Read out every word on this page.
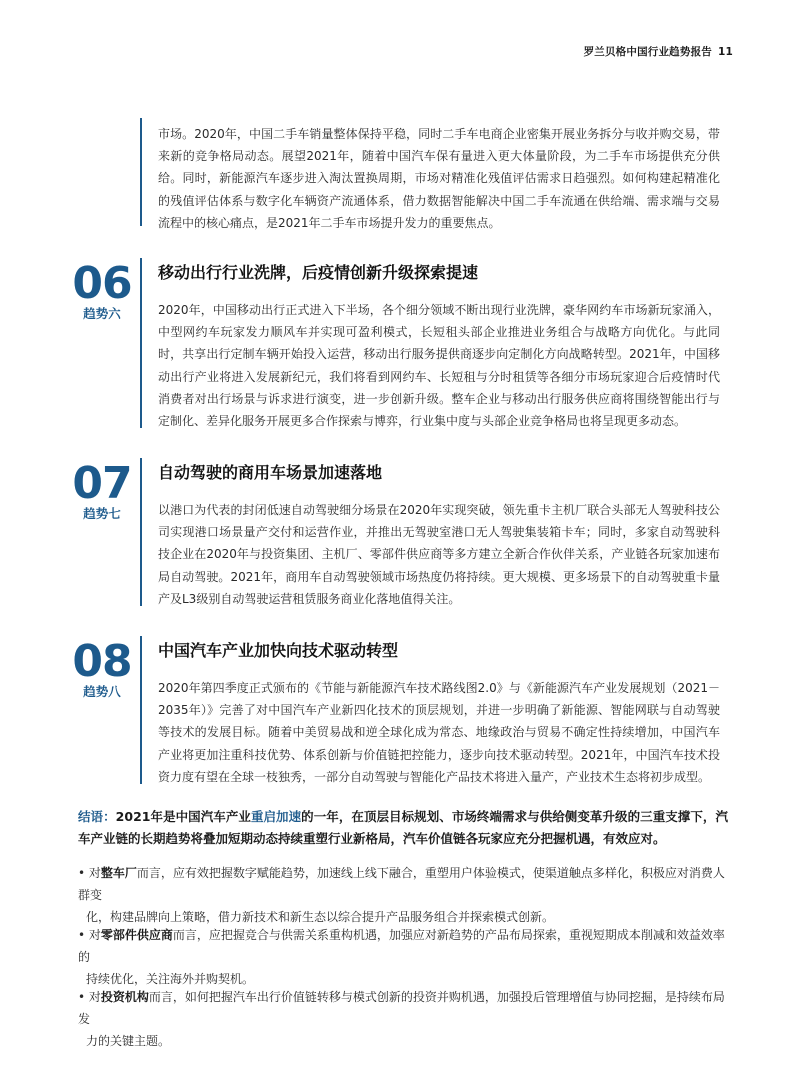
罗兰贝格中国行业趋势报告 11

市场。2020年，中国二手车销量整体保持平稳，同时二手车电商企业密集开展业务拆分与收并购交易，带来新的竞争格局动态。展望2021年，随着中国汽车保有量进入更大体量阶段，为二手车市场提供充分供给。同时，新能源汽车逐步进入淘汰置换周期，市场对精准化残值评估需求日趋强烈。如何构建起精准化的残值评估体系与数字化车辆资产流通体系，借力数据智能解决中国二手车流通在供给端、需求端与交易流程中的核心痛点，是2021年二手车市场提升发力的重要焦点。

06
趋势六
移动出行行业洗牌，后疫情创新升级探索提速

2020年，中国移动出行正式进入下半场，各个细分领域不断出现行业洗牌，豪华网约车市场新玩家涌入，中型网约车玩家发力顺风车并实现可盈利模式，长短租头部企业推进业务组合与战略方向优化。与此同时，共享出行定制车辆开始投入运营，移动出行服务提供商逐步向定制化方向战略转型。2021年，中国移动出行产业将进入发展新纪元，我们将看到网约车、长短租与分时租赁等各细分市场玩家迎合后疫情时代消费者对出行场景与诉求进行演变，进一步创新升级。整车企业与移动出行服务供应商将围绕智能出行与定制化、差异化服务开展更多合作探索与博弈，行业集中度与头部企业竞争格局也将呈现更多动态。

07
趋势七
自动驾驶的商用车场景加速落地

以港口为代表的封闭低速自动驾驶细分场景在2020年实现突破，领先重卡主机厂联合头部无人驾驶科技公司实现港口场景量产交付和运营作业，并推出无驾驶室港口无人驾驶集装箱卡车；同时，多家自动驾驶科技企业在2020年与投资集团、主机厂、零部件供应商等多方建立全新合作伙伴关系，产业链各玩家加速布局自动驾驶。2021年，商用车自动驾驶领域市场热度仍将持续。更大规模、更多场景下的自动驾驶重卡量产及L3级别自动驾驶运营租赁服务商业化落地值得关注。

08
趋势八
中国汽车产业加快向技术驱动转型

2020年第四季度正式颁布的《节能与新能源汽车技术路线图2.0》与《新能源汽车产业发展规划（2021－2035年）》完善了对中国汽车产业新四化技术的顶层规划，并进一步明确了新能源、智能网联与自动驾驶等技术的发展目标。随着中美贸易战和逆全球化成为常态、地缘政治与贸易不确定性持续增加，中国汽车产业将更加注重科技优势、体系创新与价值链把控能力，逐步向技术驱动转型。2021年，中国汽车技术投资力度有望在全球一枝独秀，一部分自动驾驶与智能化产品技术将进入量产，产业技术生态将初步成型。

结语：2021年是中国汽车产业重启加速的一年，在顶层目标规划、市场终端需求与供给侧变革升级的三重支撑下，汽车产业链的长期趋势将叠加短期动态持续重塑行业新格局，汽车价值链各玩家应充分把握机遇，有效应对。

• 对整车厂而言，应有效把握数字赋能趋势，加速线上线下融合，重塑用户体验模式，使渠道触点多样化，积极应对消费人群变
化，构建品牌向上策略，借力新技术和新生态以综合提升产品服务组合并探索模式创新。
• 对零部件供应商而言，应把握竞合与供需关系重构机遇，加强应对新趋势的产品布局探索，重视短期成本削减和效益效率的
持续优化，关注海外并购契机。
• 对投资机构而言，如何把握汽车出行价值链转移与模式创新的投资并购机遇，加强投后管理增值与协同挖掘，是持续布局发
力的关键主题。
